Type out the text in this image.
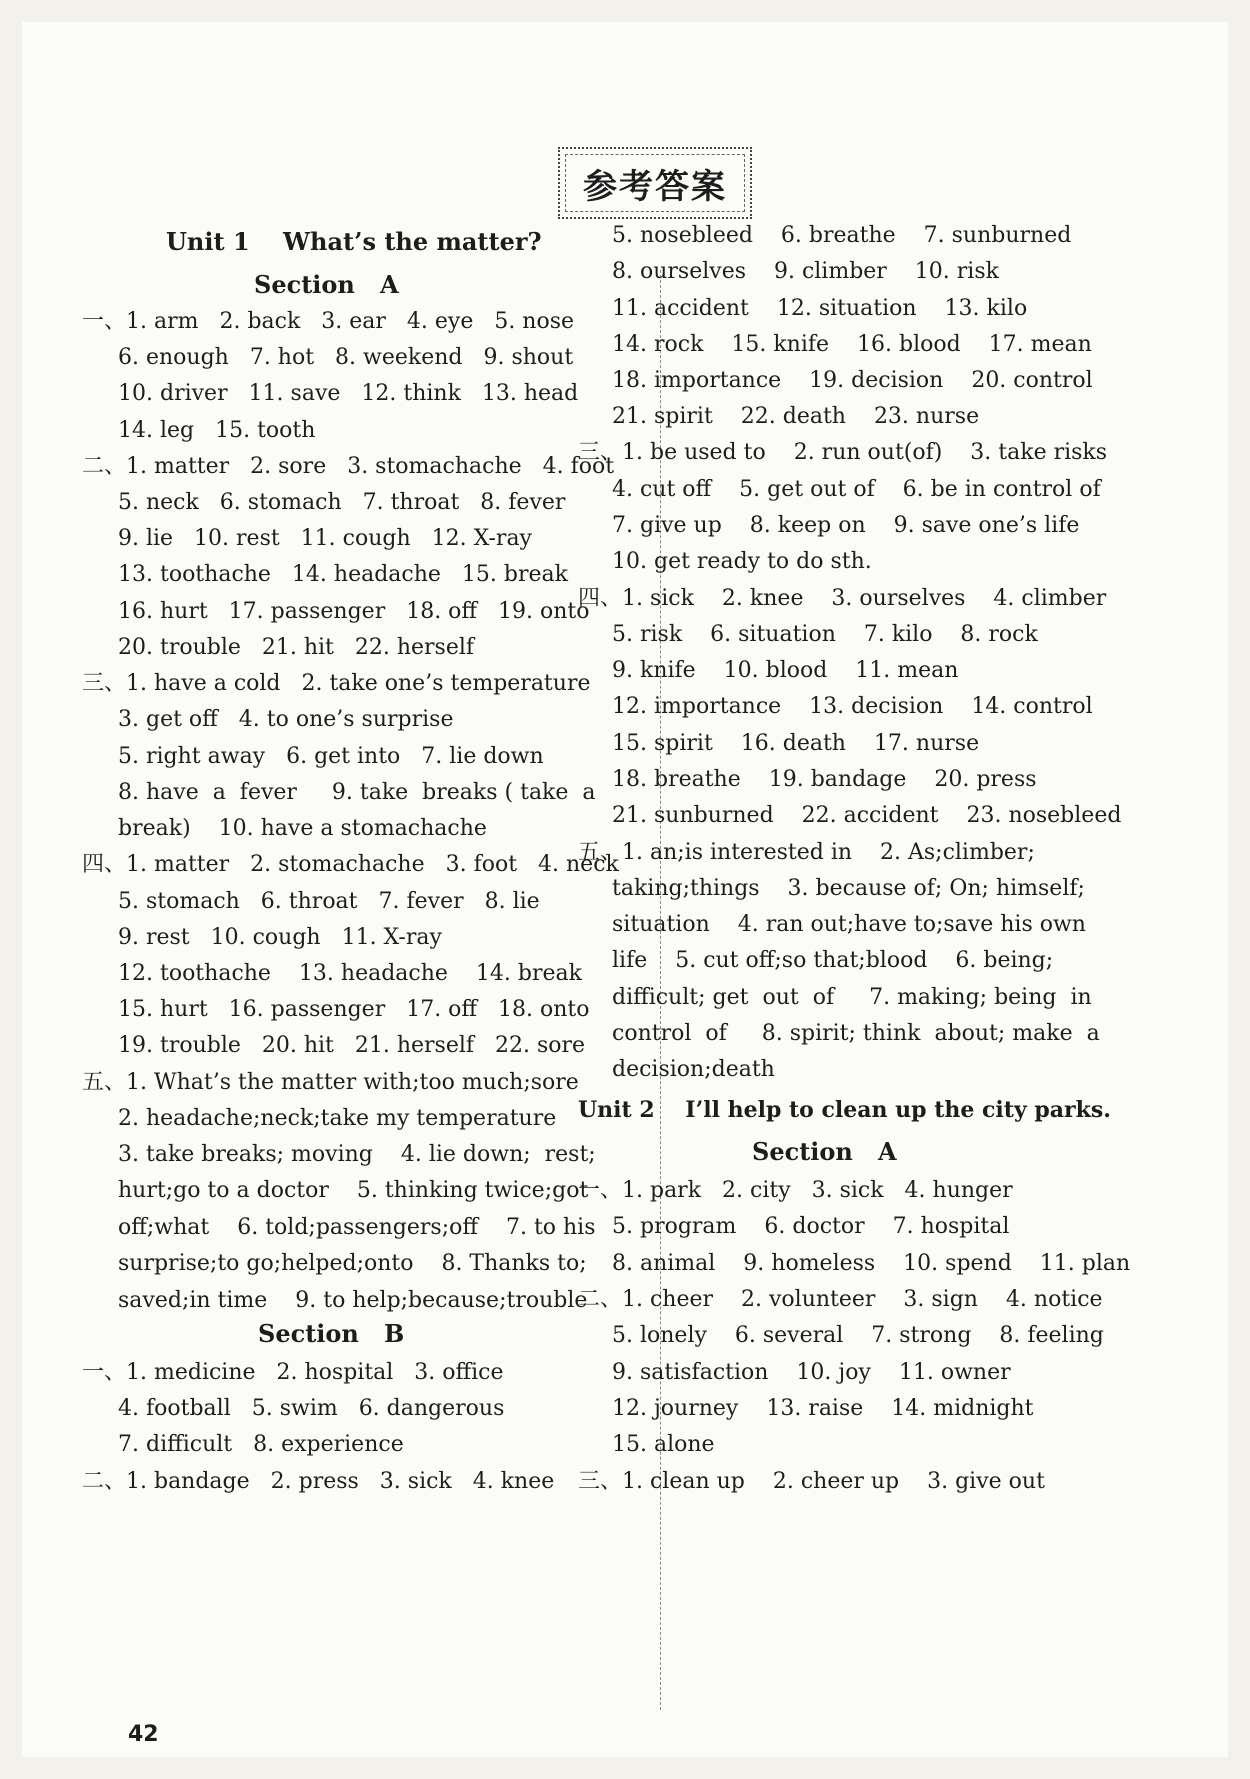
参考答案
Unit 1    What’s the matter?
Section   A
一、1. arm   2. back   3. ear   4. eye   5. nose
6. enough   7. hot   8. weekend   9. shout
10. driver   11. save   12. think   13. head
14. leg   15. tooth
二、1. matter   2. sore   3. stomachache   4. foot
5. neck   6. stomach   7. throat   8. fever
9. lie   10. rest   11. cough   12. X-ray
13. toothache   14. headache   15. break
16. hurt   17. passenger   18. off   19. onto
20. trouble   21. hit   22. herself
三、1. have a cold   2. take one’s temperature
3. get off   4. to one’s surprise
5. right away   6. get into   7. lie down
8. have  a  fever     9. take  breaks ( take  a
break)    10. have a stomachache
四、1. matter   2. stomachache   3. foot   4. neck
5. stomach   6. throat   7. fever   8. lie
9. rest   10. cough   11. X-ray
12. toothache    13. headache    14. break
15. hurt   16. passenger   17. off   18. onto
19. trouble   20. hit   21. herself   22. sore
五、1. What’s the matter with;too much;sore
2. headache;neck;take my temperature
3. take breaks; moving    4. lie down;  rest;
hurt;go to a doctor    5. thinking twice;got
off;what    6. told;passengers;off    7. to his
surprise;to go;helped;onto    8. Thanks to;
saved;in time    9. to help;because;trouble
Section   B
一、1. medicine   2. hospital   3. office
4. football   5. swim   6. dangerous
7. difficult   8. experience
二、1. bandage   2. press   3. sick   4. knee
5. nosebleed    6. breathe    7. sunburned
8. ourselves    9. climber    10. risk
11. accident    12. situation    13. kilo
14. rock    15. knife    16. blood    17. mean
18. importance    19. decision    20. control
21. spirit    22. death    23. nurse
三、1. be used to    2. run out(of)    3. take risks
4. cut off    5. get out of    6. be in control of
7. give up    8. keep on    9. save one’s life
10. get ready to do sth.
四、1. sick    2. knee    3. ourselves    4. climber
5. risk    6. situation    7. kilo    8. rock
9. knife    10. blood    11. mean
12. importance    13. decision    14. control
15. spirit    16. death    17. nurse
18. breathe    19. bandage    20. press
21. sunburned    22. accident    23. nosebleed
五、1. an;is interested in    2. As;climber;
taking;things    3. because of; On; himself;
situation    4. ran out;have to;save his own
life    5. cut off;so that;blood    6. being;
difficult; get  out  of     7. making; being  in
control  of     8. spirit; think  about; make  a
decision;death
Unit 2    I’ll help to clean up the city parks.
Section   A
一、1. park   2. city   3. sick   4. hunger
5. program    6. doctor    7. hospital
8. animal    9. homeless    10. spend    11. plan
二、1. cheer    2. volunteer    3. sign    4. notice
5. lonely    6. several    7. strong    8. feeling
9. satisfaction    10. joy    11. owner
12. journey    13. raise    14. midnight
15. alone
三、1. clean up    2. cheer up    3. give out
42
